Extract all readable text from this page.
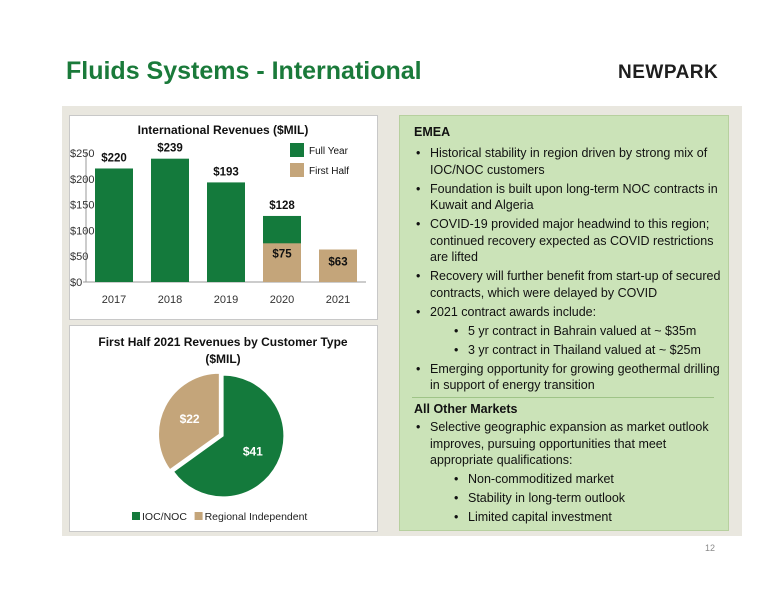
Fluids Systems - International	NEWPARK
International Revenues ($MIL)
$0
$50
$100
$150
$200
$250
2017
$220
2018
$239
2019
$193
2020
$128
$75
2021
$63
Full Year
First Half
First Half 2021 Revenues by Customer Type ($MIL)
$41
$22
IOC/NOC Regional Independent
EMEA
• Historical stability in region driven by strong mix of IOC/NOC customers
• Foundation is built upon long-term NOC contracts in Kuwait and Algeria
• COVID-19 provided major headwind to this region; continued recovery expected as COVID restrictions are lifted
• Recovery will further benefit from start-up of secured contracts, which were delayed by COVID
• 2021 contract awards include:
• 5 yr contract in Bahrain valued at ~ $35m
• 3 yr contract in Thailand valued at ~ $25m
• Emerging opportunity for growing geothermal drilling in support of energy transition
All Other Markets
• Selective geographic expansion as market outlook improves, pursuing opportunities that meet appropriate qualifications:
• Non-commoditized market
• Stability in long-term outlook
• Limited capital investment
12
